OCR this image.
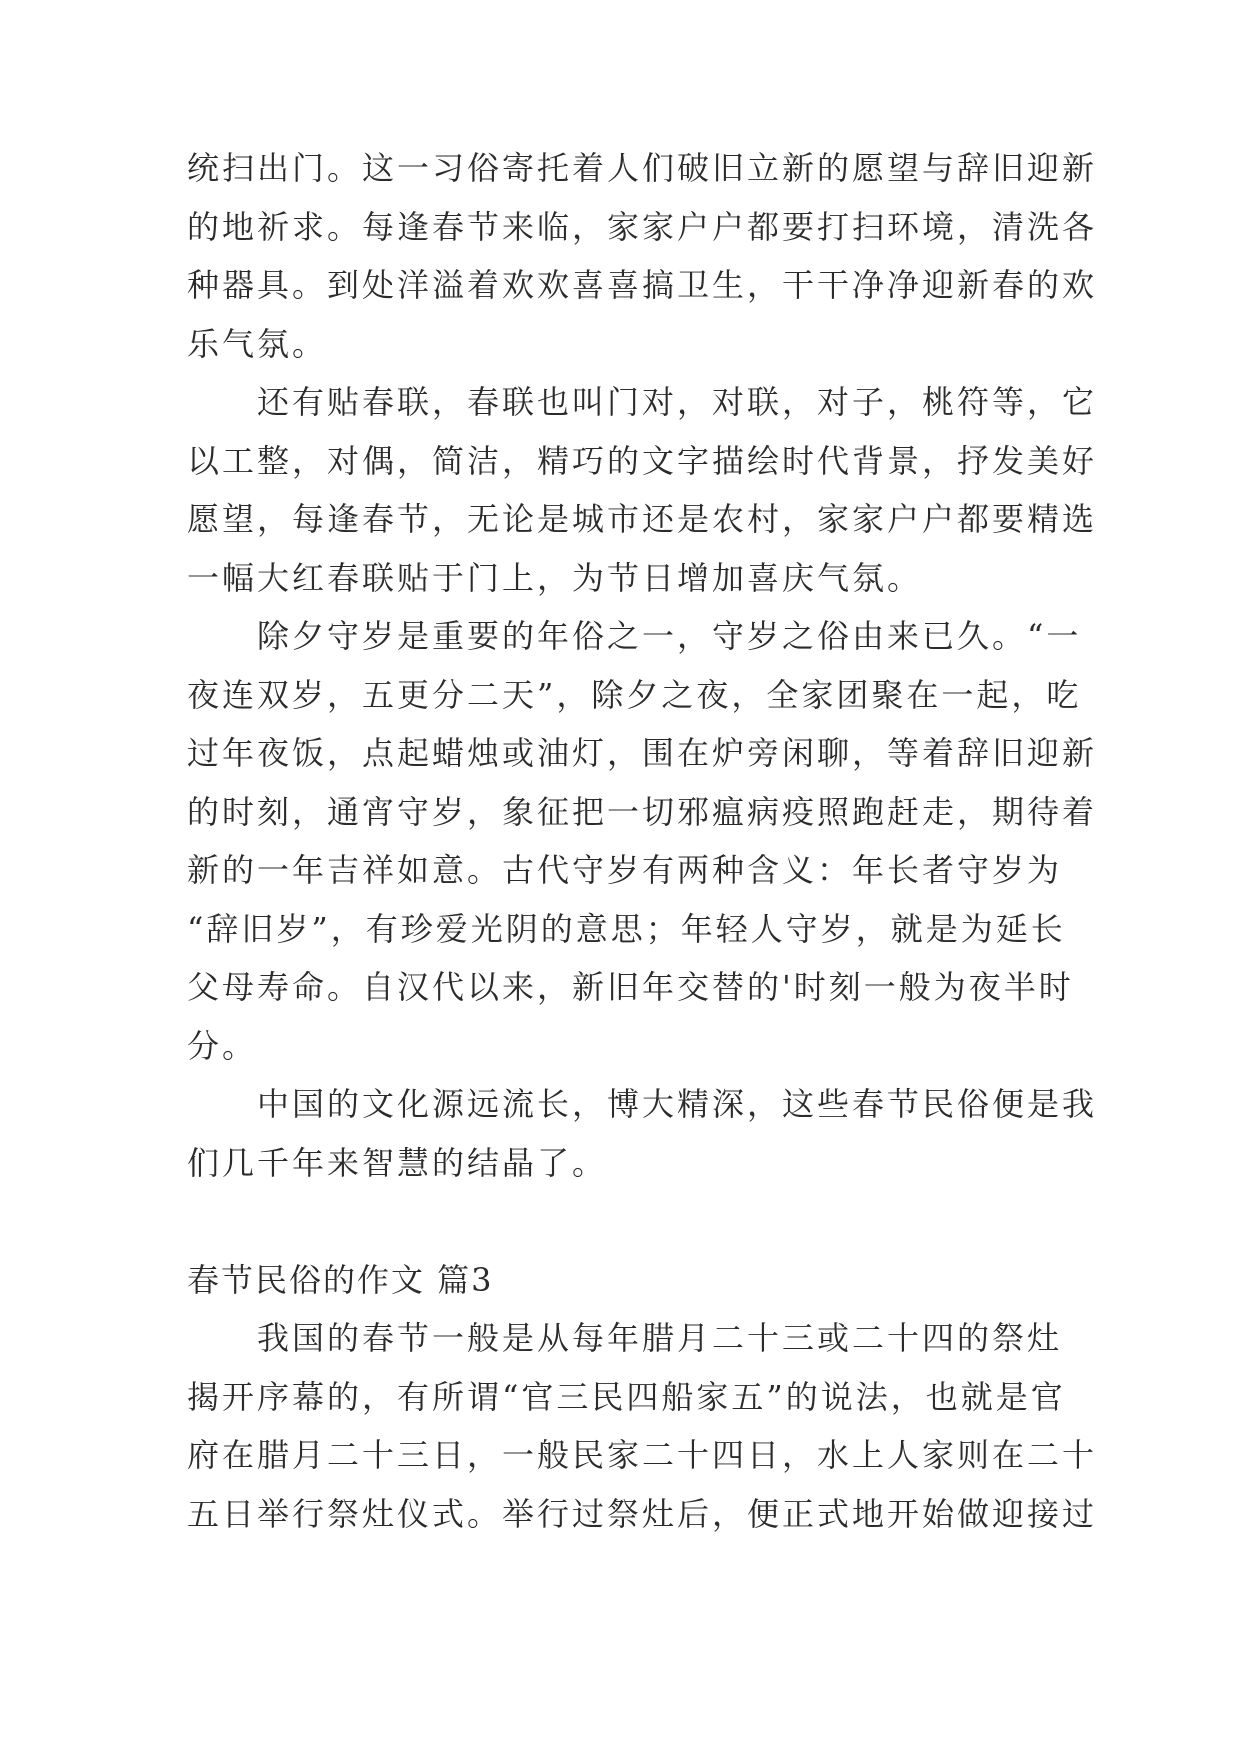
统扫出门。这一习俗寄托着人们破旧立新的愿望与辞旧迎新
的地祈求。每逢春节来临，家家户户都要打扫环境，清洗各
种器具。到处洋溢着欢欢喜喜搞卫生，干干净净迎新春的欢
乐气氛。
　　还有贴春联，春联也叫门对，对联，对子，桃符等，它
以工整，对偶，简洁，精巧的文字描绘时代背景，抒发美好
愿望，每逢春节，无论是城市还是农村，家家户户都要精选
一幅大红春联贴于门上，为节日增加喜庆气氛。
　　除夕守岁是重要的年俗之一，守岁之俗由来已久。“一
夜连双岁，五更分二天”，除夕之夜，全家团聚在一起，吃
过年夜饭，点起蜡烛或油灯，围在炉旁闲聊，等着辞旧迎新
的时刻，通宵守岁，象征把一切邪瘟病疫照跑赶走，期待着
新的一年吉祥如意。古代守岁有两种含义：年长者守岁为
“辞旧岁”，有珍爱光阴的意思；年轻人守岁，就是为延长
父母寿命。自汉代以来，新旧年交替的'时刻一般为夜半时
分。
　　中国的文化源远流长，博大精深，这些春节民俗便是我
们几千年来智慧的结晶了。
春节民俗的作文 篇3
　　我国的春节一般是从每年腊月二十三或二十四的祭灶
揭开序幕的，有所谓“官三民四船家五”的说法，也就是官
府在腊月二十三日，一般民家二十四日，水上人家则在二十
五日举行祭灶仪式。举行过祭灶后，便正式地开始做迎接过
